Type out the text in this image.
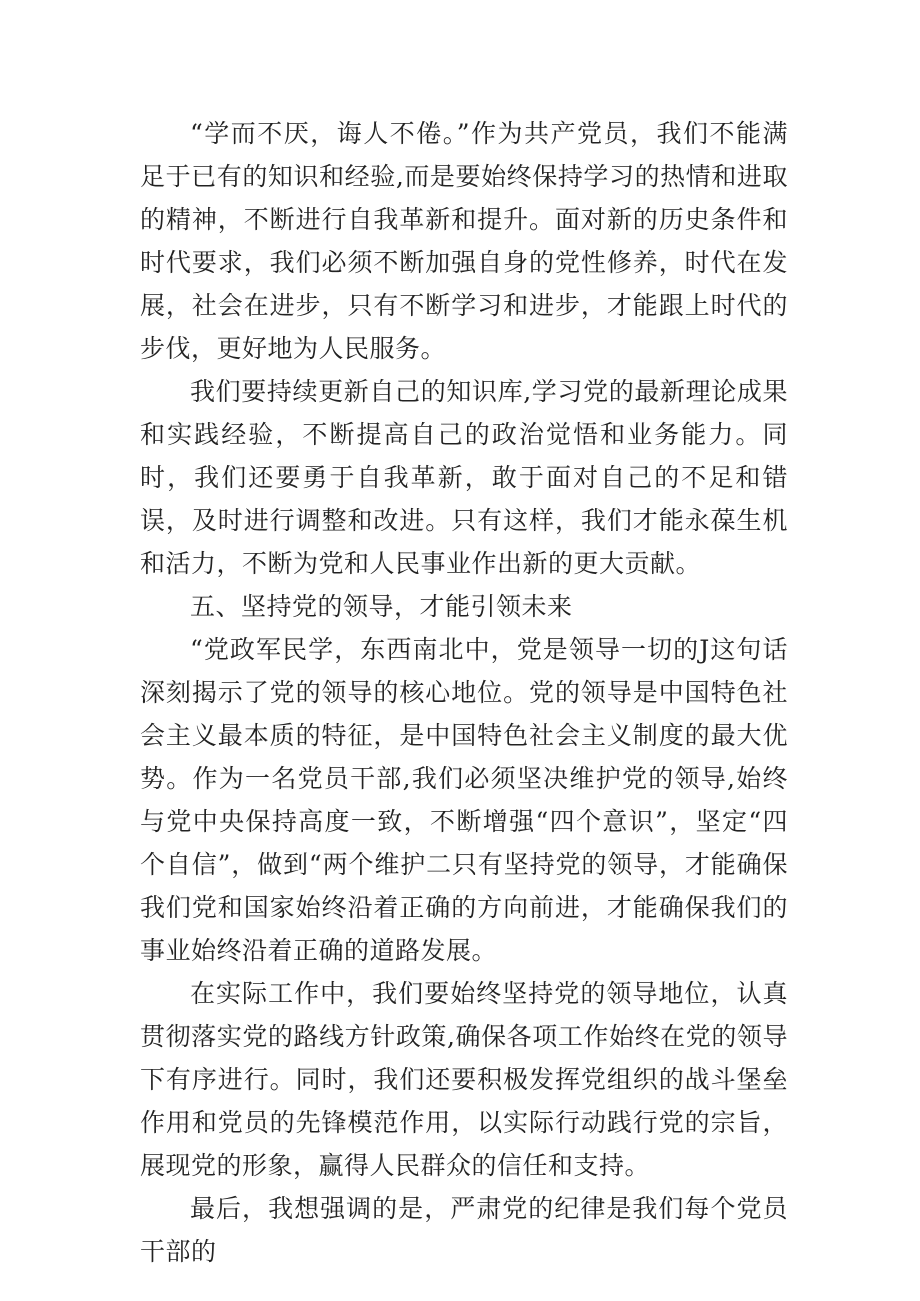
“学而不厌，诲人不倦。”作为共产党员，我们不能满足于已有的知识和经验,而是要始终保持学习的热情和进取的精神，不断进行自我革新和提升。面对新的历史条件和时代要求，我们必须不断加强自身的党性修养，时代在发展，社会在进步，只有不断学习和进步，才能跟上时代的步伐，更好地为人民服务。

我们要持续更新自己的知识库,学习党的最新理论成果和实践经验，不断提高自己的政治觉悟和业务能力。同时，我们还要勇于自我革新，敢于面对自己的不足和错误，及时进行调整和改进。只有这样，我们才能永葆生机和活力，不断为党和人民事业作出新的更大贡献。

五、坚持党的领导，才能引领未来

“党政军民学，东西南北中，党是领导一切的J这句话深刻揭示了党的领导的核心地位。党的领导是中国特色社会主义最本质的特征，是中国特色社会主义制度的最大优势。作为一名党员干部,我们必须坚决维护党的领导,始终与党中央保持高度一致，不断增强“四个意识”，坚定“四个自信”，做到“两个维护二只有坚持党的领导，才能确保我们党和国家始终沿着正确的方向前进，才能确保我们的事业始终沿着正确的道路发展。

在实际工作中，我们要始终坚持党的领导地位，认真贯彻落实党的路线方针政策,确保各项工作始终在党的领导下有序进行。同时，我们还要积极发挥党组织的战斗堡垒作用和党员的先锋模范作用，以实际行动践行党的宗旨，展现党的形象，赢得人民群众的信任和支持。

最后，我想强调的是，严肃党的纪律是我们每个党员干部的
